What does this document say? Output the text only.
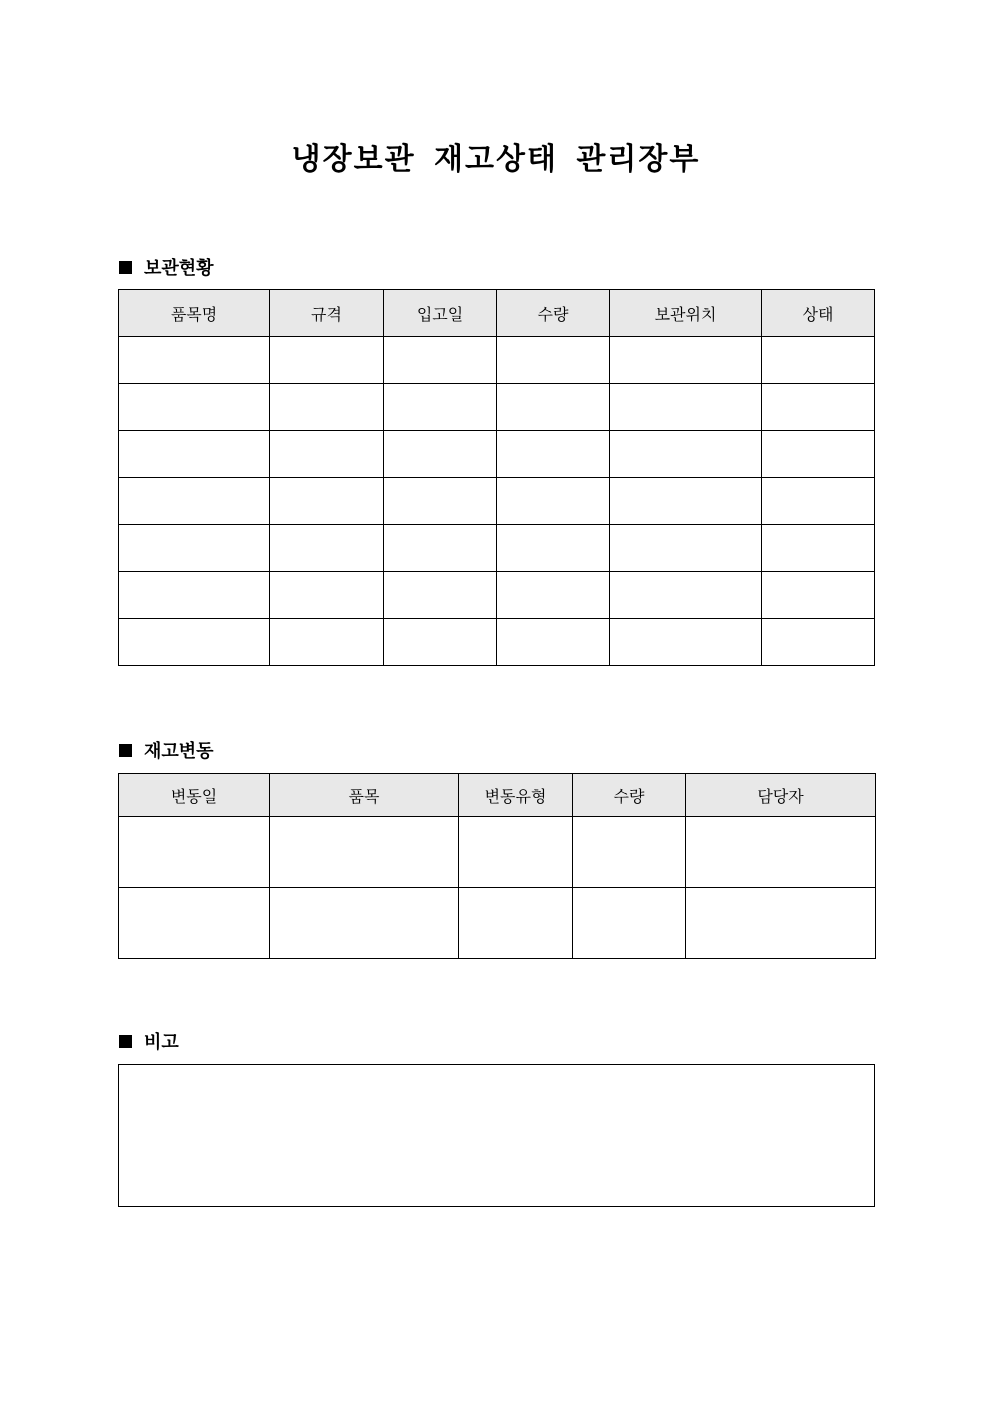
냉장보관 재고상태 관리장부
보관현황
품목명	규격	입고일	수량	보관위치	상태

재고변동
변동일	품목	변동유형	수량	담당자

비고
